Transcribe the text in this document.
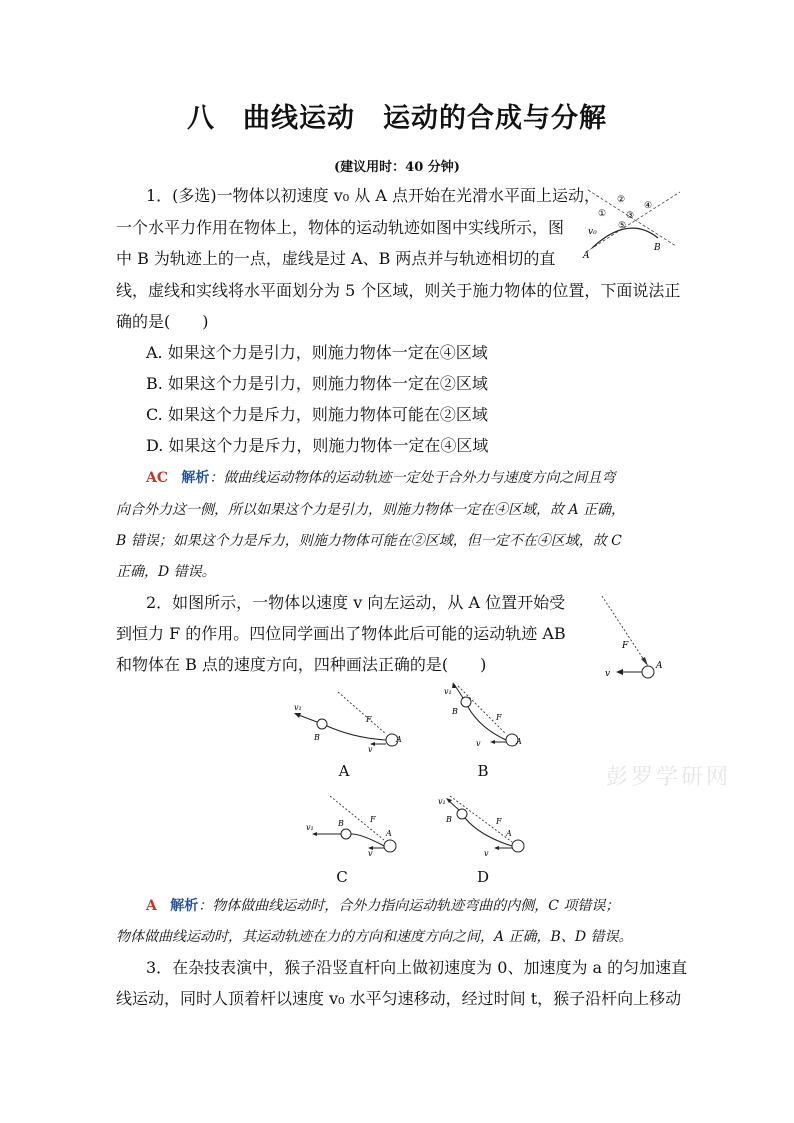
八 曲线运动 运动的合成与分解
(建议用时：40 分钟)
1．(多选)一物体以初速度 v₀ 从 A 点开始在光滑水平面上运动，
一个水平力作用在物体上，物体的运动轨迹如图中实线所示，图
中 B 为轨迹上的一点，虚线是过 A、B 两点并与轨迹相切的直
线，虚线和实线将水平面划分为 5 个区域，则关于施力物体的位置，下面说法正
确的是(　　)
A. 如果这个力是引力，则施力物体一定在④区域
B. 如果这个力是引力，则施力物体一定在②区域
C. 如果这个力是斥力，则施力物体可能在②区域
D. 如果这个力是斥力，则施力物体一定在④区域
AC 解析：做曲线运动物体的运动轨迹一定处于合外力与速度方向之间且弯
向合外力这一侧，所以如果这个力是引力，则施力物体一定在④区域，故 A 正确，
B 错误；如果这个力是斥力，则施力物体可能在②区域，但一定不在④区域，故 C
正确，D 错误。
①
②
④
⑤
③
v₀
A
B
2．如图所示，一物体以速度 v 向左运动，从 A 位置开始受
到恒力 F 的作用。四位同学画出了物体此后可能的运动轨迹 AB
和物体在 B 点的速度方向，四种画法正确的是(　　)
F
A
v
v₁
B
F
A
v
A
v₁
B
F
A
v
B
v₁	B	F
A
v
C
v₁
B	F
A
v
D
彭罗学研网
A 解析：物体做曲线运动时，合外力指向运动轨迹弯曲的内侧，C 项错误；
物体做曲线运动时，其运动轨迹在力的方向和速度方向之间，A 正确，B、D 错误。
3．在杂技表演中，猴子沿竖直杆向上做初速度为 0、加速度为 a 的匀加速直
线运动，同时人顶着杆以速度 v₀ 水平匀速移动，经过时间 t，猴子沿杆向上移动
